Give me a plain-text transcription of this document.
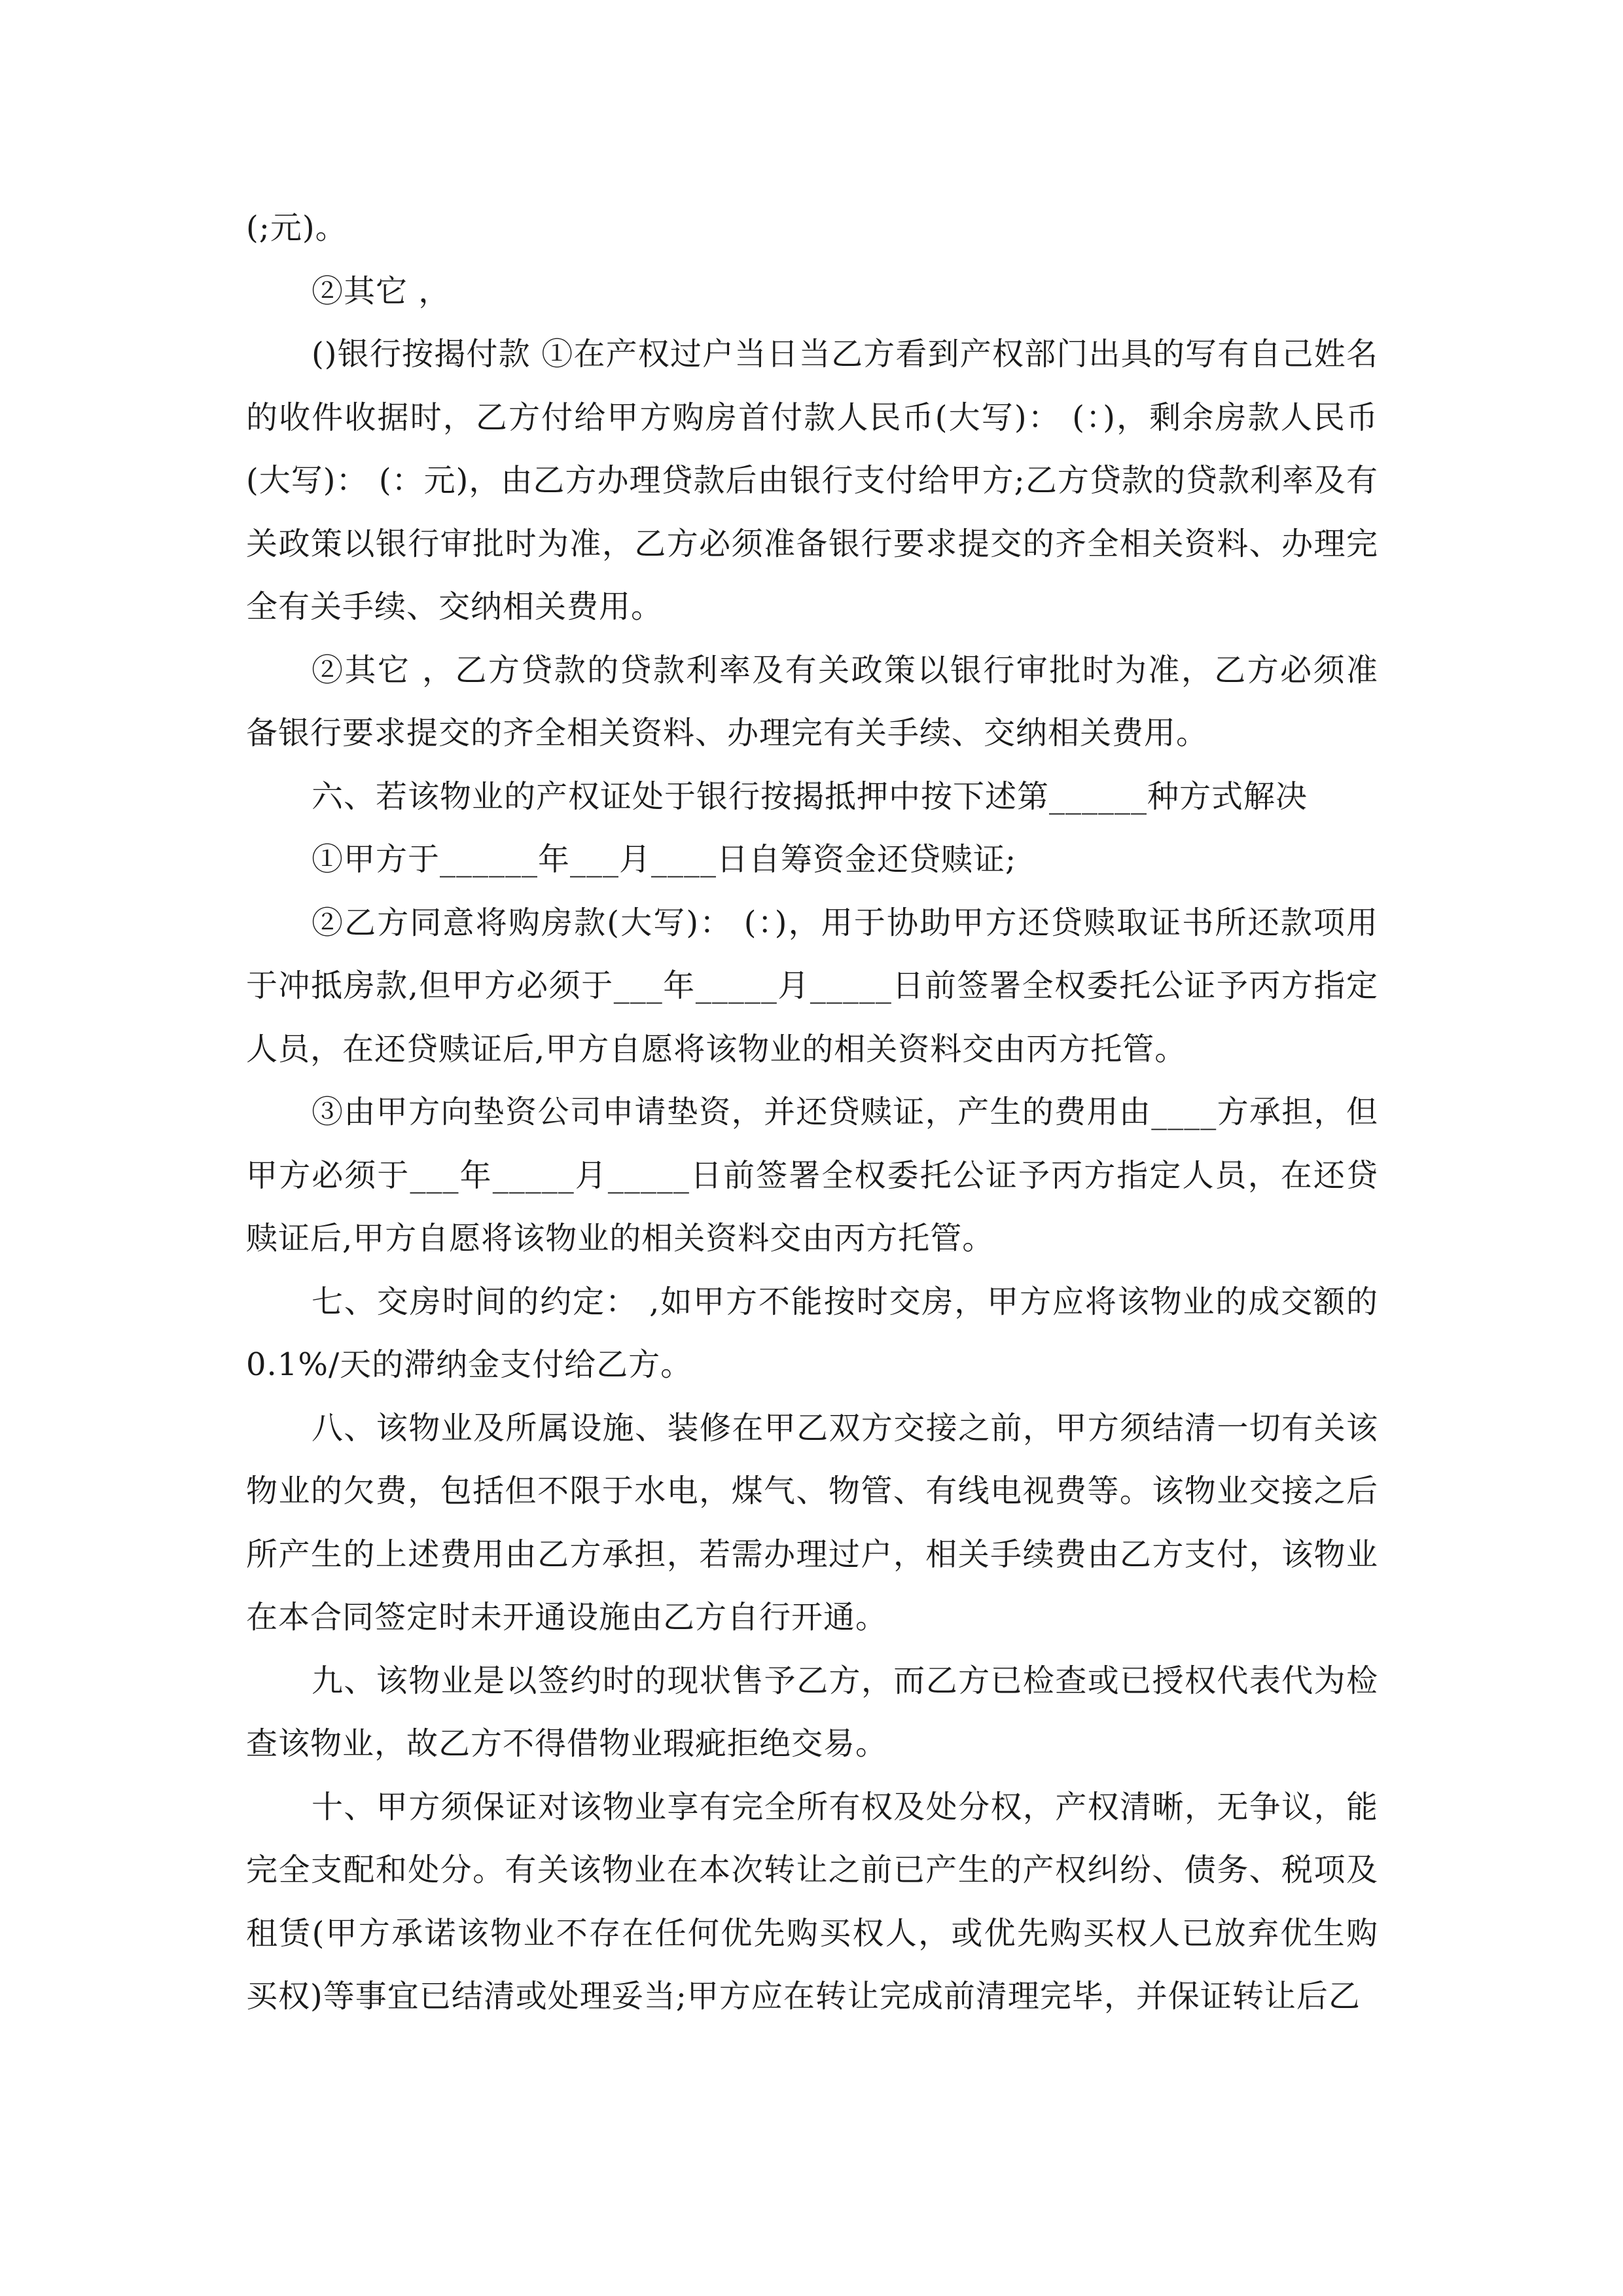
(;元)。

②其它 ，

()银行按揭付款 ①在产权过户当日当乙方看到产权部门出具的写有自己姓名的收件收据时，乙方付给甲方购房首付款人民币(大写)： (：)，剩余房款人民币(大写)： (：元)，由乙方办理贷款后由银行支付给甲方;乙方贷款的贷款利率及有关政策以银行审批时为准，乙方必须准备银行要求提交的齐全相关资料、办理完全有关手续、交纳相关费用。

②其它 ，乙方贷款的贷款利率及有关政策以银行审批时为准，乙方必须准备银行要求提交的齐全相关资料、办理完有关手续、交纳相关费用。

六、若该物业的产权证处于银行按揭抵押中按下述第______种方式解决

①甲方于______年___月____日自筹资金还贷赎证;

②乙方同意将购房款(大写)： (：)，用于协助甲方还贷赎取证书所还款项用于冲抵房款,但甲方必须于___年_____月_____日前签署全权委托公证予丙方指定人员，在还贷赎证后,甲方自愿将该物业的相关资料交由丙方托管。

③由甲方向垫资公司申请垫资，并还贷赎证，产生的费用由____方承担，但甲方必须于___年_____月_____日前签署全权委托公证予丙方指定人员，在还贷赎证后,甲方自愿将该物业的相关资料交由丙方托管。

七、交房时间的约定： ,如甲方不能按时交房，甲方应将该物业的成交额的0.1%/天的滞纳金支付给乙方。

八、该物业及所属设施、装修在甲乙双方交接之前，甲方须结清一切有关该物业的欠费，包括但不限于水电，煤气、物管、有线电视费等。该物业交接之后所产生的上述费用由乙方承担，若需办理过户，相关手续费由乙方支付，该物业在本合同签定时未开通设施由乙方自行开通。

九、该物业是以签约时的现状售予乙方，而乙方已检查或已授权代表代为检查该物业，故乙方不得借物业瑕疵拒绝交易。

十、甲方须保证对该物业享有完全所有权及处分权，产权清晰，无争议，能完全支配和处分。有关该物业在本次转让之前已产生的产权纠纷、债务、税项及租赁(甲方承诺该物业不存在任何优先购买权人，或优先购买权人已放弃优生购买权)等事宜已结清或处理妥当;甲方应在转让完成前清理完毕，并保证转让后乙
